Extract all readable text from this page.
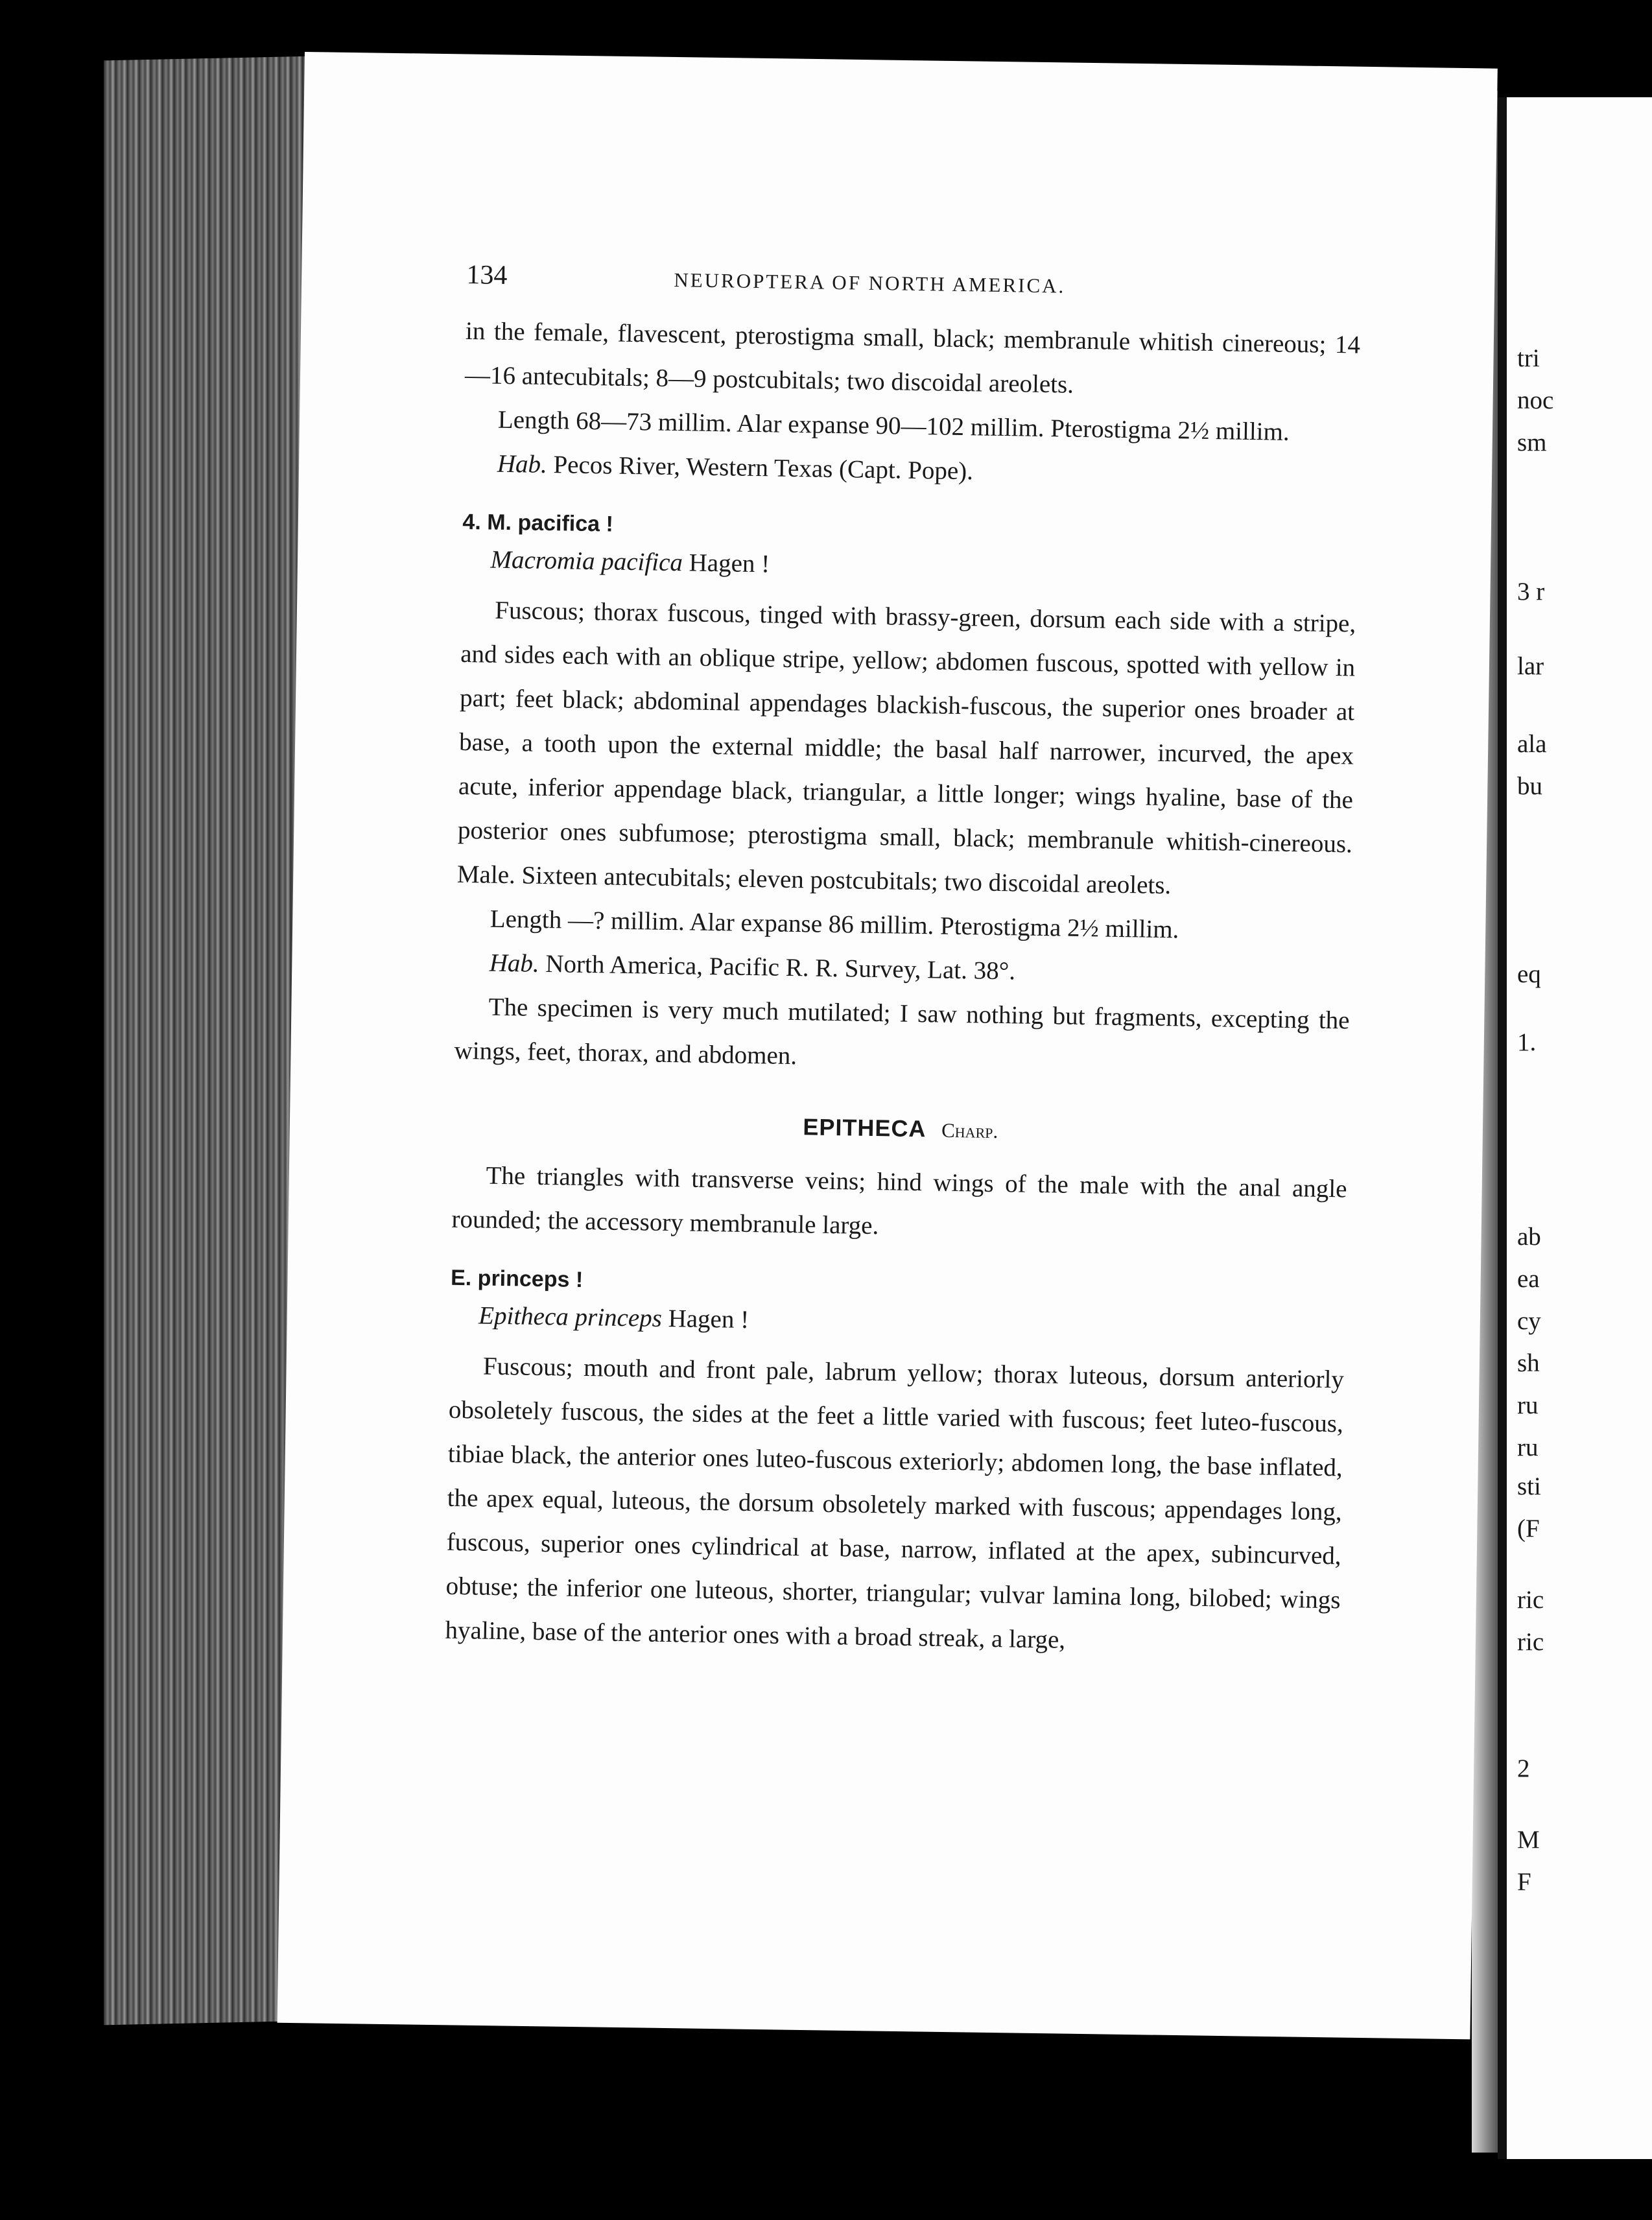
134	NEUROPTERA OF NORTH AMERICA.

in the female, flavescent, pterostigma small, black; membranule whitish cinereous; 14—16 antecubitals; 8—9 postcubitals; two discoidal areolets.

Length 68—73 millim. Alar expanse 90—102 millim. Pterostigma 2½ millim.

Hab. Pecos River, Western Texas (Capt. Pope).

4. M. pacifica !
Macromia pacifica Hagen !

Fuscous; thorax fuscous, tinged with brassy-green, dorsum each side with a stripe, and sides each with an oblique stripe, yellow; abdomen fuscous, spotted with yellow in part; feet black; abdominal appendages blackish-fuscous, the superior ones broader at base, a tooth upon the external middle; the basal half narrower, incurved, the apex acute, inferior appendage black, triangular, a little longer; wings hyaline, base of the posterior ones subfumose; pterostigma small, black; membranule whitish-cinereous. Male. Sixteen antecubitals; eleven postcubitals; two discoidal areolets.

Length —? millim. Alar expanse 86 millim. Pterostigma 2½ millim.

Hab. North America, Pacific R. R. Survey, Lat. 38°.

The specimen is very much mutilated; I saw nothing but fragments, excepting the wings, feet, thorax, and abdomen.

EPITHECA Charp.

The triangles with transverse veins; hind wings of the male with the anal angle rounded; the accessory membranule large.

E. princeps !
Epitheca princeps Hagen !

Fuscous; mouth and front pale, labrum yellow; thorax luteous, dorsum anteriorly obsoletely fuscous, the sides at the feet a little varied with fuscous; feet luteo-fuscous, tibiae black, the anterior ones luteo-fuscous exteriorly; abdomen long, the base inflated, the apex equal, luteous, the dorsum obsoletely marked with fuscous; appendages long, fuscous, superior ones cylindrical at base, narrow, inflated at the apex, subincurved, obtuse; the inferior one luteous, shorter, triangular; vulvar lamina long, bilobed; wings hyaline, base of the anterior ones with a broad streak, a large,

tri
noc
sm
3 r
lar
ala
bu
eq
1.
ab
ea
cy
sh
ru
ru
sti
(F
ric
ric
2
M
F
